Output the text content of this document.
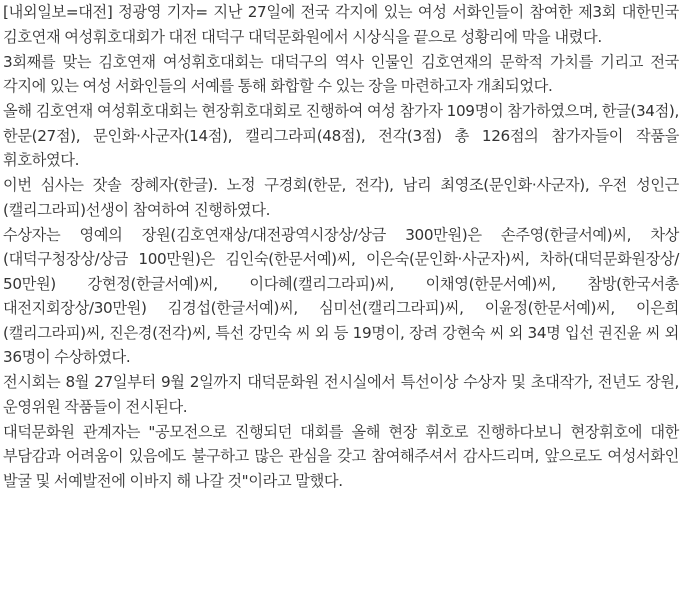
[내외일보=대전] 정광영 기자= 지난 27일에 전국 각지에 있는 여성 서화인들이 참여한 제3회 대한민국 김호연재 여성휘호대회가 대전 대덕구 대덕문화원에서 시상식을 끝으로 성황리에 막을 내렸다.

3회째를 맞는 김호연재 여성휘호대회는 대덕구의 역사 인물인 김호연재의 문학적 가치를 기리고 전국 각지에 있는 여성 서화인들의 서예를 통해 화합할 수 있는 장을 마련하고자 개최되었다.

올해 김호연재 여성휘호대회는 현장휘호대회로 진행하여 여성 참가자 109명이 참가하였으며, 한글(34점), 한문(27점), 문인화·사군자(14점), 캘리그라피(48점), 전각(3점) 총 126점의 참가자들이 작품을 휘호하였다.

이번 심사는 잣솔 장혜자(한글). 노정 구경회(한문, 전각), 남리 최영조(문인화·사군자), 우전 성인근(캘리그라피)선생이 참여하여 진행하였다.

수상자는 영예의 장원(김호연재상/대전광역시장상/상금 300만원)은 손주영(한글서예)씨, 차상(대덕구청장상/상금 100만원)은 김인숙(한문서예)씨, 이은숙(문인화·사군자)씨, 차하(대덕문화원장상/ 50만원) 강현정(한글서예)씨, 이다혜(캘리그라피)씨, 이채영(한문서예)씨, 참방(한국서총 대전지회장상/30만원) 김경섭(한글서예)씨, 심미선(캘리그라피)씨, 이윤정(한문서예)씨, 이은희(캘리그라피)씨, 진은경(전각)씨, 특선 강민숙 씨 외 등 19명이, 장려 강현숙 씨 외 34명 입선 권진윤 씨 외 36명이 수상하였다.

전시회는 8월 27일부터 9월 2일까지 대덕문화원 전시실에서 특선이상 수상자 및 초대작가, 전년도 장원, 운영위원 작품들이 전시된다.

대덕문화원 관계자는 "공모전으로 진행되던 대회를 올해 현장 휘호로 진행하다보니 현장휘호에 대한 부담감과 어려움이 있음에도 불구하고 많은 관심을 갖고 참여해주셔서 감사드리며, 앞으로도 여성서화인 발굴 및 서예발전에 이바지 해 나갈 것"이라고 말했다.
